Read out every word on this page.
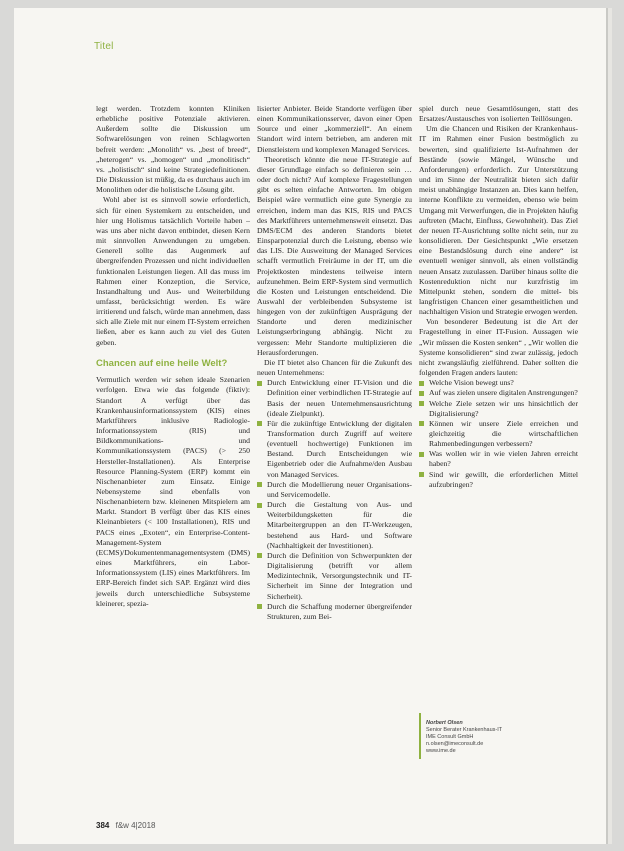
Titel

legt werden. Trotzdem konnten Kliniken erhebliche positive Potenziale aktivieren. Außerdem sollte die Diskussion um Softwarelösungen von reinen Schlagworten befreit werden: „Monolith“ vs. „best of breed“, „heterogen“ vs. „homogen“ und „monolitisch“ vs. „holistisch“ sind keine Strategiedefinitionen. Die Diskussion ist müßig, da es durchaus auch im Monolithen oder die holistische Lösung gibt.

Wohl aber ist es sinnvoll sowie erforderlich, sich für einen Systemkern zu entscheiden, und hier ung Holismus tatsächlich Vorteile haben – was uns aber nicht davon entbindet, diesen Kern mit sinnvollen Anwendungen zu umgeben. Generell sollte das Augenmerk auf übergreifenden Prozessen und nicht individuellen funktionalen Leistungen liegen. All das muss im Rahmen einer Konzeption, die Service, Instandhaltung und Aus- und Weiterbildung umfasst, berücksichtigt werden. Es wäre irritierend und falsch, würde man annehmen, dass sich alle Ziele mit nur einem IT-System erreichen ließen, aber es kann auch zu viel des Guten geben.

Chancen auf eine heile Welt?

Vermutlich werden wir sehen ideale Szenarien verfolgen. Etwa wie das folgende (fiktiv): Standort A verfügt über das Krankenhausinformationssystem (KIS) eines Marktführers inklusive Radiologie-Informationssystem (RIS) und Bildkommunikations- und Kommunikationssystem (PACS) (> 250 Hersteller-Installationen). Als Enterprise Resource Planning-System (ERP) kommt ein Nischenanbieter zum Einsatz. Einige Nebensysteme sind ebenfalls von Nischenanbietern bzw. kleinenen Mitspielern am Markt. Standort B verfügt über das KIS eines Kleinanbieters (< 100 Installationen), RIS und PACS eines „Exoten“, ein Enterprise-Content-Management-System (ECMS)/Dokumentenmanagementsystem (DMS) eines Marktführers, ein Labor-Informationssystem (LIS) eines Marktführers. Im ERP-Bereich findet sich SAP. Ergänzt wird dies jeweils durch unterschiedliche Subsysteme kleinerer, spezia-

lisierter Anbieter. Beide Standorte verfügen über einen Kommunikationsserver, davon einer Open Source und einer „kommerziell“. An einem Standort wird intern betrieben, am anderen mit Dienstleistern und komplexen Managed Services.

Theoretisch könnte die neue IT-Strategie auf dieser Grundlage einfach so definieren sein … oder doch nicht? Auf komplexe Fragestellungen gibt es selten einfache Antworten. Im obigen Beispiel wäre vermutlich eine gute Synergie zu erreichen, indem man das KIS, RIS und PACS des Marktführers unternehmensweit einsetzt. Das DMS/ECM des anderen Standorts bietet Einsparpotenzial durch die Leistung, ebenso wie das LIS. Die Ausweitung der Managed Services schafft vermutlich Freiräume in der IT, um die Projektkosten mindestens teilweise intern aufzunehmen. Beim ERP-System sind vermutlich die Kosten und Leistungen entscheidend. Die Auswahl der verbleibenden Subsysteme ist hingegen von der zukünftigen Ausprägung der Standorte und deren medizinischer Leistungserbringung abhängig. Nicht zu vergessen: Mehr Standorte multiplizieren die Herausforderungen.

Die IT bietet also Chancen für die Zukunft des neuen Unternehmens:

Durch Entwicklung einer IT-Vision und die Definition einer verbindlichen IT-Strategie auf Basis der neuen Unternehmensausrichtung (ideale Zielpunkt).
Für die zukünftige Entwicklung der digitalen Transformation durch Zugriff auf weitere (eventuell hochwertige) Funktionen im Bestand. Durch Entscheidungen wie Eigenbetrieb oder die Aufnahme/den Ausbau von Managed Services.
Durch die Modellierung neuer Organisations- und Servicemodelle.
Durch die Gestaltung von Aus- und Weiterbildungsketten für die Mitarbeitergruppen an den IT-Werkzeugen, bestehend aus Hard- und Software (Nachhaltigkeit der Investitionen).
Durch die Definition von Schwerpunkten der Digitalisierung (betrifft vor allem Medizintechnik, Versorgungstechnik und IT-Sicherheit im Sinne der Integration und Sicherheit).
Durch die Schaffung moderner übergreifender Strukturen, zum Bei-

spiel durch neue Gesamtlösungen, statt des Ersatzes/Austausches von isolierten Teillösungen.

Um die Chancen und Risiken der Krankenhaus-IT im Rahmen einer Fusion bestmöglich zu bewerten, sind qualifizierte Ist-Aufnahmen der Bestände (sowie Mängel, Wünsche und Anforderungen) erforderlich. Zur Unterstützung und im Sinne der Neutralität bieten sich dafür meist unabhängige Instanzen an. Dies kann helfen, interne Konflikte zu vermeiden, ebenso wie beim Umgang mit Verwerfungen, die in Projekten häufig auftreten (Macht, Einfluss, Gewohnheit). Das Ziel der neuen IT-Ausrichtung sollte nicht sein, nur zu konsolidieren. Der Gesichtspunkt „Wie ersetzen eine Bestandslösung durch eine andere“ ist eventuell weniger sinnvoll, als einen vollständig neuen Ansatz zuzulassen. Darüber hinaus sollte die Kostenreduktion nicht nur kurzfristig im Mittelpunkt stehen, sondern die mittel- bis langfristigen Chancen einer gesamtheitlichen und nachhaltigen Vision und Strategie erwogen werden.

Von besonderer Bedeutung ist die Art der Fragestellung in einer IT-Fusion. Aussagen wie „Wir müssen die Kosten senken“ , „Wir wollen die Systeme konsolidieren“ sind zwar zulässig, jedoch nicht zwangsläufig zielführend. Daher sollten die folgenden Fragen anders lauten:

Welche Vision bewegt uns?
Auf was zielen unsere digitalen Anstrengungen?
Welche Ziele setzen wir uns hinsichtlich der Digitalisierung?
Können wir unsere Ziele erreichen und gleichzeitig die wirtschaftlichen Rahmenbedingungen verbessern?
Was wollen wir in wie vielen Jahren erreicht haben?
Sind wir gewillt, die erforderlichen Mittel aufzubringen?
Norbert Olsen
Senior Berater Krankenhaus-IT
IME Consult GmbH
n.olsen@imeconsult.de
www.ime.de
384 f&w 4|2018
